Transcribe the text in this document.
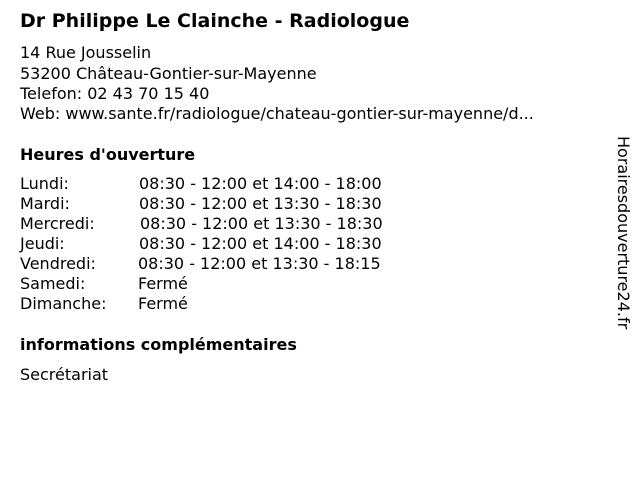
Dr Philippe Le Clainche - Radiologue
14 Rue Jousselin
53200 Château-Gontier-sur-Mayenne
Telefon: 02 43 70 15 40
Web: www.sante.fr/radiologue/chateau-gontier-sur-mayenne/d...
Heures d'ouverture
Lundi:	08:30 - 12:00 et 14:00 - 18:00
Mardi:	08:30 - 12:00 et 13:30 - 18:30
Mercredi:	08:30 - 12:00 et 13:30 - 18:30
Jeudi:	08:30 - 12:00 et 14:00 - 18:30
Vendredi:	08:30 - 12:00 et 13:30 - 18:15
Samedi:	Fermé
Dimanche: Fermé
informations complémentaires
Secrétariat
Horairesdouverture24.fr
